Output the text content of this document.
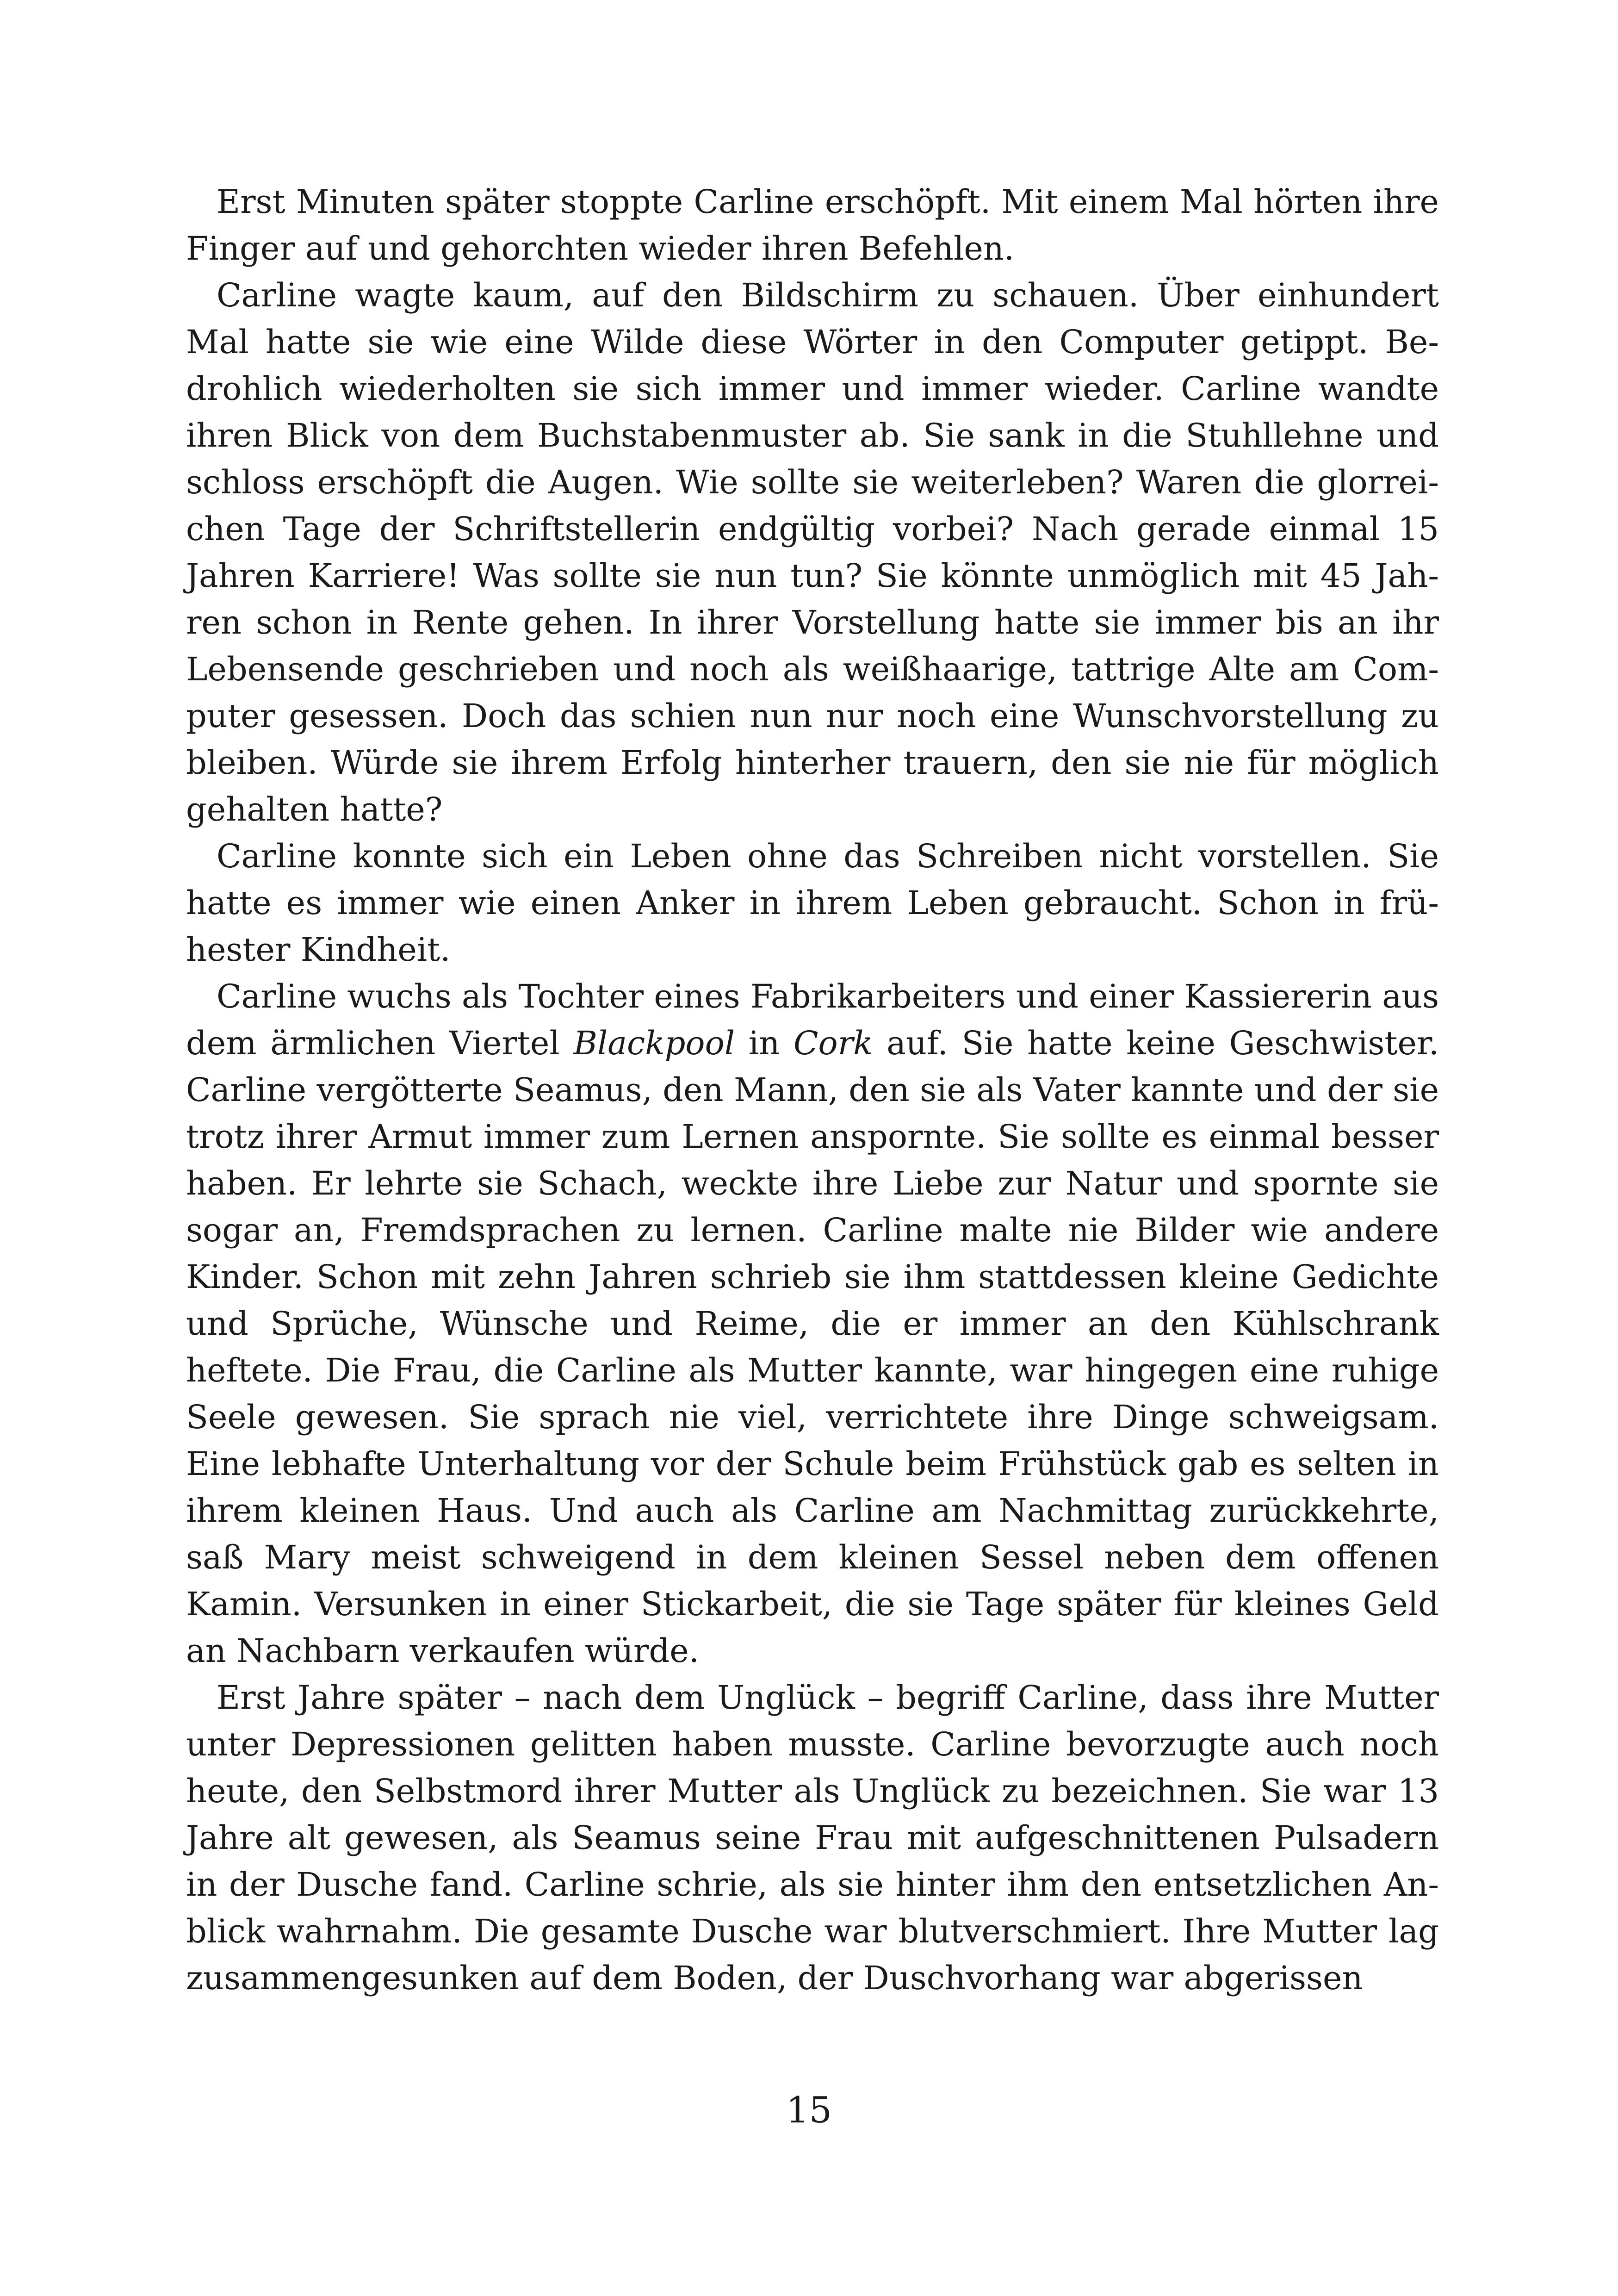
Erst Minuten später stoppte Carline erschöpft. Mit einem Mal hörten ihre Finger auf und gehorchten wieder ihren Befehlen.

Carline wagte kaum, auf den Bildschirm zu schauen. Über einhundert Mal hatte sie wie eine Wilde diese Wörter in den Computer getippt. Bedrohlich wiederholten sie sich immer und immer wieder. Carline wandte ihren Blick von dem Buchstabenmuster ab. Sie sank in die Stuhllehne und schloss erschöpft die Augen. Wie sollte sie weiterleben? Waren die glorreichen Tage der Schriftstellerin endgültig vorbei? Nach gerade einmal 15 Jahren Karriere! Was sollte sie nun tun? Sie könnte unmöglich mit 45 Jahren schon in Rente gehen. In ihrer Vorstellung hatte sie immer bis an ihr Lebensende geschrieben und noch als weißhaarige, tattrige Alte am Computer gesessen. Doch das schien nun nur noch eine Wunschvorstellung zu bleiben. Würde sie ihrem Erfolg hinterher trauern, den sie nie für möglich gehalten hatte?

Carline konnte sich ein Leben ohne das Schreiben nicht vorstellen. Sie hatte es immer wie einen Anker in ihrem Leben gebraucht. Schon in frühester Kindheit.

Carline wuchs als Tochter eines Fabrikarbeiters und einer Kassiererin aus dem ärmlichen Viertel Blackpool in Cork auf. Sie hatte keine Geschwister. Carline vergötterte Seamus, den Mann, den sie als Vater kannte und der sie trotz ihrer Armut immer zum Lernen anspornte. Sie sollte es einmal besser haben. Er lehrte sie Schach, weckte ihre Liebe zur Natur und spornte sie sogar an, Fremdsprachen zu lernen. Carline malte nie Bilder wie andere Kinder. Schon mit zehn Jahren schrieb sie ihm stattdessen kleine Gedichte und Sprüche, Wünsche und Reime, die er immer an den Kühlschrank heftete. Die Frau, die Carline als Mutter kannte, war hingegen eine ruhige Seele gewesen. Sie sprach nie viel, verrichtete ihre Dinge schweigsam. Eine lebhafte Unterhaltung vor der Schule beim Frühstück gab es selten in ihrem kleinen Haus. Und auch als Carline am Nachmittag zurückkehrte, saß Mary meist schweigend in dem kleinen Sessel neben dem offenen Kamin. Versunken in einer Stickarbeit, die sie Tage später für kleines Geld an Nachbarn verkaufen würde.

Erst Jahre später – nach dem Unglück – begriff Carline, dass ihre Mutter unter Depressionen gelitten haben musste. Carline bevorzugte auch noch heute, den Selbstmord ihrer Mutter als Unglück zu bezeichnen. Sie war 13 Jahre alt gewesen, als Seamus seine Frau mit aufgeschnittenen Pulsadern in der Dusche fand. Carline schrie, als sie hinter ihm den entsetzlichen Anblick wahrnahm. Die gesamte Dusche war blutverschmiert. Ihre Mutter lag zusammengesunken auf dem Boden, der Duschvorhang war abgerissen

15
